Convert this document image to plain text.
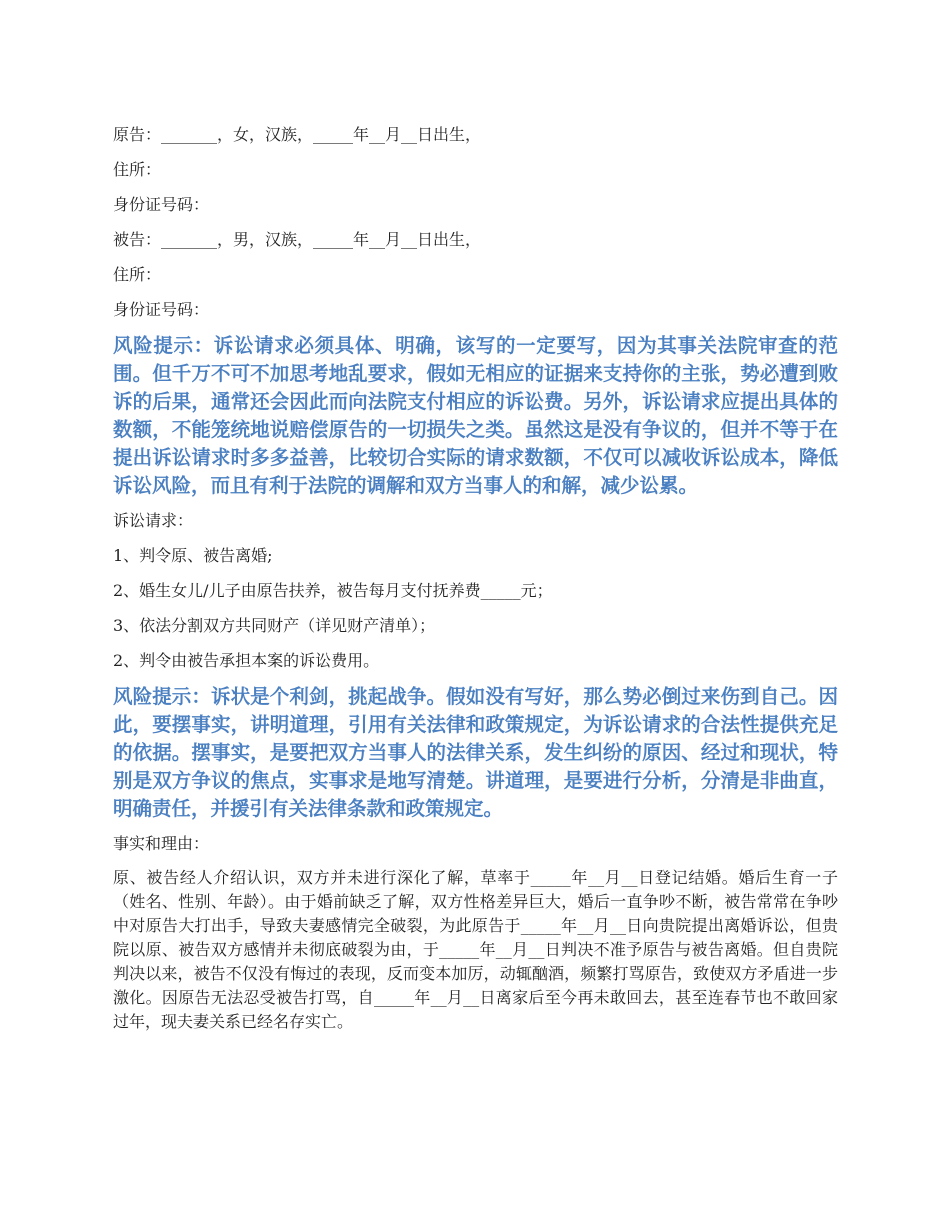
原告：_______，女，汉族，_____年__月__日出生，
住所：
身份证号码：
被告：_______，男，汉族，_____年__月__日出生，
住所：
身份证号码：
风险提示：诉讼请求必须具体、明确，该写的一定要写，因为其事关法院审查的范围。但千万不可不加思考地乱要求，假如无相应的证据来支持你的主张，势必遭到败诉的后果，通常还会因此而向法院支付相应的诉讼费。另外，诉讼请求应提出具体的数额，不能笼统地说赔偿原告的一切损失之类。虽然这是没有争议的，但并不等于在提出诉讼请求时多多益善，比较切合实际的请求数额，不仅可以减收诉讼成本，降低诉讼风险，而且有利于法院的调解和双方当事人的和解，减少讼累。
诉讼请求：
1、判令原、被告离婚;
2、婚生女儿/儿子由原告扶养，被告每月支付抚养费_____元；
3、依法分割双方共同财产（详见财产清单）；
2、判令由被告承担本案的诉讼费用。
风险提示：诉状是个利剑，挑起战争。假如没有写好，那么势必倒过来伤到自己。因此，要摆事实，讲明道理，引用有关法律和政策规定，为诉讼请求的合法性提供充足的依据。摆事实，是要把双方当事人的法律关系，发生纠纷的原因、经过和现状，特别是双方争议的焦点，实事求是地写清楚。讲道理，是要进行分析，分清是非曲直，明确责任，并援引有关法律条款和政策规定。
事实和理由：
原、被告经人介绍认识，双方并未进行深化了解，草率于_____年__月__日登记结婚。婚后生育一子（姓名、性别、年龄）。由于婚前缺乏了解，双方性格差异巨大，婚后一直争吵不断，被告常常在争吵中对原告大打出手，导致夫妻感情完全破裂，为此原告于_____年__月__日向贵院提出离婚诉讼，但贵院以原、被告双方感情并未彻底破裂为由，于_____年__月__日判决不准予原告与被告离婚。但自贵院判决以来，被告不仅没有悔过的表现，反而变本加厉，动辄酗酒，频繁打骂原告，致使双方矛盾进一步激化。因原告无法忍受被告打骂，自_____年__月__日离家后至今再未敢回去，甚至连春节也不敢回家过年，现夫妻关系已经名存实亡。
